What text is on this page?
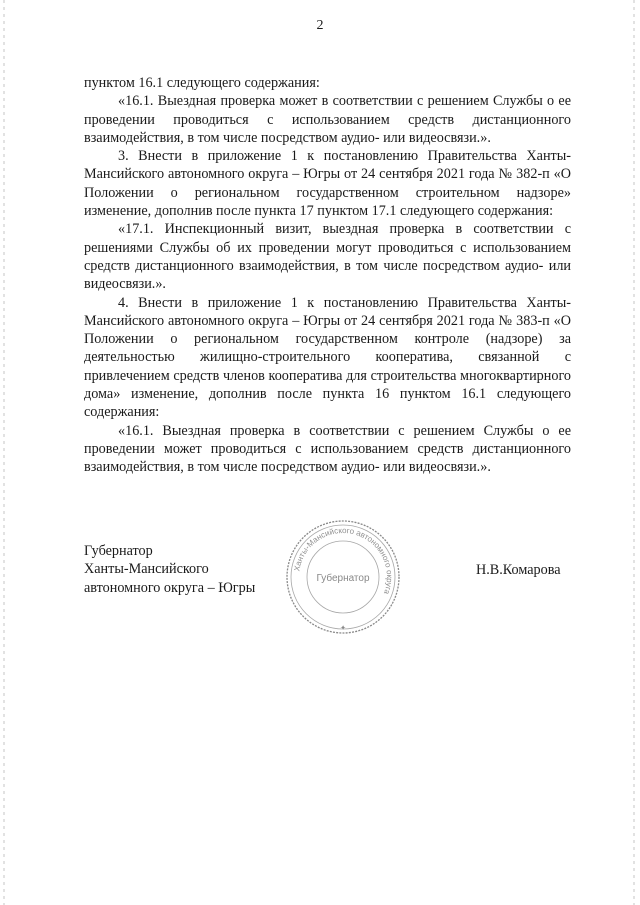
2

пунктом 16.1 следующего содержания:

«16.1. Выездная проверка может в соответствии с решением Службы о ее проведении проводиться с использованием средств дистанционного взаимодействия, в том числе посредством аудио- или видеосвязи.».

3. Внести в приложение 1 к постановлению Правительства Ханты-Мансийского автономного округа – Югры от 24 сентября 2021 года № 382-п «О Положении о региональном государственном строительном надзоре» изменение, дополнив после пункта 17 пунктом 17.1 следующего содержания:

«17.1. Инспекционный визит, выездная проверка в соответствии с решениями Службы об их проведении могут проводиться с использованием средств дистанционного взаимодействия, в том числе посредством аудио- или видеосвязи.».

4. Внести в приложение 1 к постановлению Правительства Ханты-Мансийского автономного округа – Югры от 24 сентября 2021 года № 383-п «О Положении о региональном государственном контроле (надзоре) за деятельностью жилищно-строительного кооператива, связанной с привлечением средств членов кооператива для строительства многоквартирного дома» изменение, дополнив после пункта 16 пунктом 16.1 следующего содержания:

«16.1. Выездная проверка в соответствии с решением Службы о ее проведении может проводиться с использованием средств дистанционного взаимодействия, в том числе посредством аудио- или видеосвязи.».

Губернатор
Ханты-Мансийского
автономного округа – Югры
Ханты-Мансийского автономного округа
Губернатор
✦
Н.В.Комарова
